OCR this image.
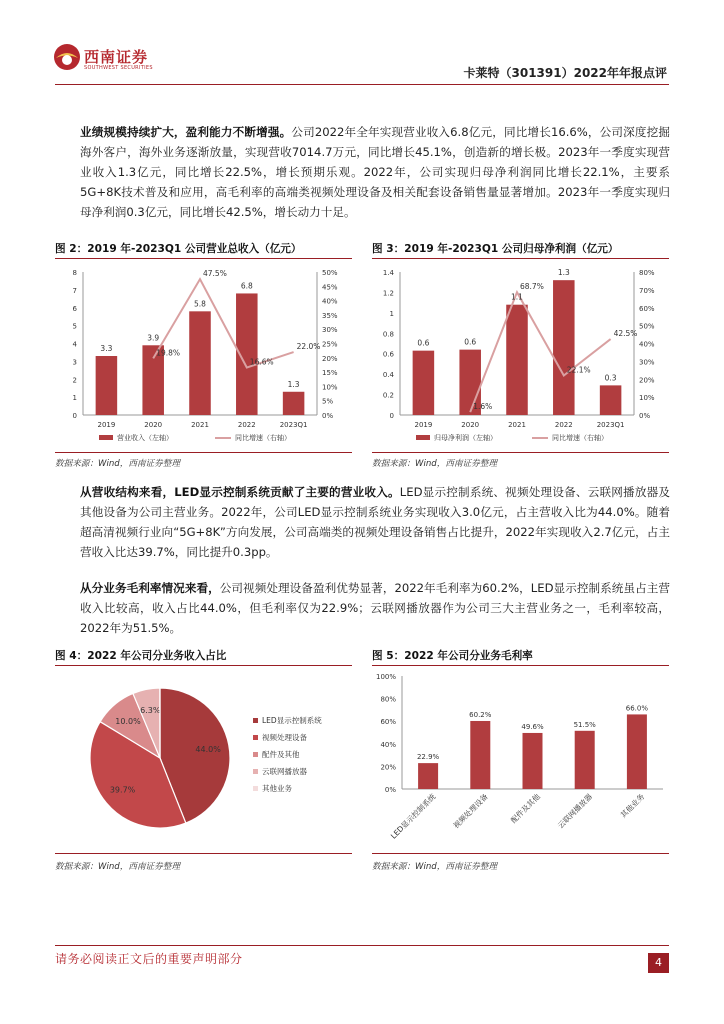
西南证券
SOUTHWEST SECURITIES	卡莱特（301391）2022年年报点评
业绩规模持续扩大，盈利能力不断增强。公司2022年全年实现营业收入6.8亿元，同比增长16.6%，公司深度挖掘海外客户，海外业务逐渐放量，实现营收7014.7万元，同比增长45.1%，创造新的增长极。2023年一季度实现营业收入1.3亿元，同比增长22.5%，增长预期乐观。2022年，公司实现归母净利润同比增长22.1%，主要系5G+8K技术普及和应用，高毛利率的高端类视频处理设备及相关配套设备销售量显著增加。2023年一季度实现归母净利润0.3亿元，同比增长42.5%，增长动力十足。
图 2：2019 年-2023Q1 公司营业总收入（亿元）	图 3：2019 年-2023Q1 公司归母净利润（亿元）
0
1
2
3
4
5
6
7
8
0%
5%
10%
15%
20%
25%
30%
35%
40%
45%
50%
2019	2020	2021	2022	2023Q1
3.3
3.9
5.8
6.8
1.3
19.8%
47.5%
16.6%
22.0%
营业收入（左轴）	同比增速（右轴）
0
0.2
0.4
0.6
0.8
1
1.2
1.4
0%
10%
20%
30%
40%
50%
60%
70%
80%
2019	2020	2021	2022	2023Q1
0.6	0.6
1.1
1.3
0.3
1.6%
68.7%
22.1%
42.5%
归母净利润（左轴）	同比增速（右轴）
数据来源：Wind，西南证券整理	数据来源：Wind，西南证券整理
从营收结构来看，LED显示控制系统贡献了主要的营业收入。LED显示控制系统、视频处理设备、云联网播放器及其他设备为公司主营业务。2022年，公司LED显示控制系统业务实现收入3.0亿元，占主营收入比为44.0%。随着超高清视频行业向“5G+8K”方向发展，公司高端类的视频处理设备销售占比提升，2022年实现收入2.7亿元，占主营收入比达39.7%，同比提升0.3pp。
从分业务毛利率情况来看，公司视频处理设备盈利优势显著，2022年毛利率为60.2%，LED显示控制系统虽占主营收入比较高，收入占比44.0%，但毛利率仅为22.9%；云联网播放器作为公司三大主营业务之一，毛利率较高，2022年为51.5%。
图 4：2022 年公司分业务收入占比	图 5：2022 年公司分业务毛利率
44.0%
39.7%
10.0%
6.3%
LED显示控制系统
视频处理设备
配件及其他
云联网播放器
其他业务	0%
20%
40%
60%
80%
100%
22.9%
LED显示控制系统
60.2%
视频处理设备
49.6%
配件及其他
51.5%
云联网播放器
66.0%
其他业务
数据来源：Wind，西南证券整理	数据来源：Wind，西南证券整理
请务必阅读正文后的重要声明部分	4
